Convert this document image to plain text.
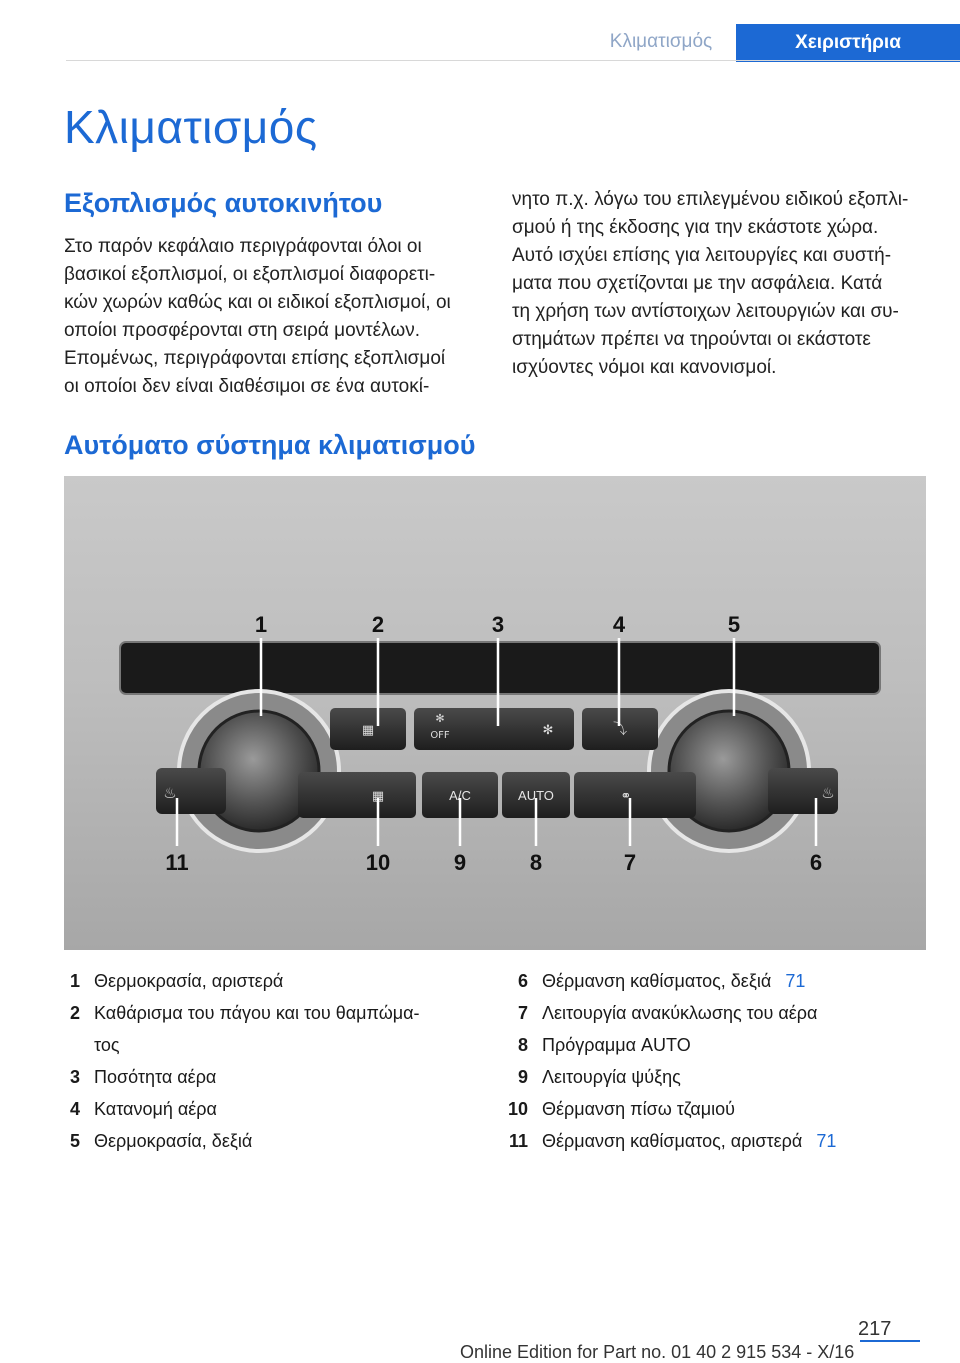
Κλιματισμός	Χειριστήρια
Κλιματισμός
Εξοπλισμός αυτοκινήτου
Στο παρόν κεφάλαιο περιγράφονται όλοι οι
βασικοί εξοπλισμοί, οι εξοπλισμοί διαφορετι‐
κών χωρών καθώς και οι ειδικοί εξοπλισμοί, οι
οποίοι προσφέρονται στη σειρά μοντέλων.
Επομένως, περιγράφονται επίσης εξοπλισμοί
οι οποίοι δεν είναι διαθέσιμοι σε ένα αυτοκί‐
νητο π.χ. λόγω του επιλεγμένου ειδικού εξοπλι‐
σμού ή της έκδοσης για την εκάστοτε χώρα.
Αυτό ισχύει επίσης για λειτουργίες και συστή‐
ματα που σχετίζονται με την ασφάλεια. Κατά
τη χρήση των αντίστοιχων λειτουργιών και συ‐
στημάτων πρέπει να τηρούνται οι εκάστοτε
ισχύοντες νόμοι και κανονισμοί.
Αυτόματο σύστημα κλιματισμού
▦
✻
OFF	✻	⤵
♨	▦	A/C	AUTO	⚭	♨
1	2	3	4	5
11	10	9	8	7	6
1 Θερμοκρασία, αριστερά
2 Καθάρισμα του πάγου και του θαμπώμα‐
τος
3 Ποσότητα αέρα
4 Κατανομή αέρα
5 Θερμοκρασία, δεξιά
6 Θέρμανση καθίσματος, δεξιά 71
7 Λειτουργία ανακύκλωσης του αέρα
8 Πρόγραμμα AUTO
9 Λειτουργία ψύξης
10 Θέρμανση πίσω τζαμιού
11 Θέρμανση καθίσματος, αριστερά 71
217
Online Edition for Part no. 01 40 2 915 534 - X/16
